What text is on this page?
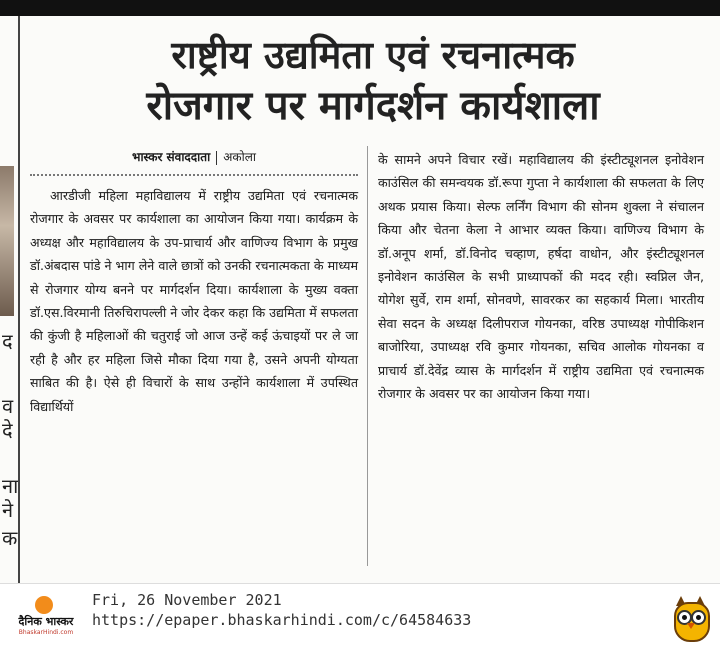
द
व
दे
ना
ने
क
राष्ट्रीय उद्यमिता एवं रचनात्मक
रोजगार पर मार्गदर्शन कार्यशाला
भास्कर संवाददाता अकोला

आरडीजी महिला महाविद्यालय में राष्ट्रीय उद्यमिता एवं रचनात्मक रोजगार के अवसर पर कार्यशाला का आयोजन किया गया। कार्यक्रम के अध्यक्ष और महाविद्यालय के उप-प्राचार्य और वाणिज्य विभाग के प्रमुख डॉ.अंबदास पांडे ने भाग लेने वाले छात्रों को उनकी रचनात्मकता के माध्यम से रोजगार योग्य बनने पर मार्गदर्शन दिया। कार्यशाला के मुख्य वक्ता डॉ.एस.विरमानी तिरुचिरापल्ली ने जोर देकर कहा कि उद्यमिता में सफलता की कुंजी है महिलाओं की चतुराई जो आज उन्हें कई ऊंचाइयों पर ले जा रही है और हर महिला जिसे मौका दिया गया है, उसने अपनी योग्यता साबित की है। ऐसे ही विचारों के साथ उन्होंने कार्यशाला में उपस्थित विद्यार्थियों

के सामने अपने विचार रखें। महाविद्यालय की इंस्टीट्यूशनल इनोवेशन काउंसिल की समन्वयक डॉ.रूपा गुप्ता ने कार्यशाला की सफलता के लिए अथक प्रयास किया। सेल्फ लर्निंग विभाग की सोनम शुक्ला ने संचालन किया और चेतना केला ने आभार व्यक्त किया। वाणिज्य विभाग के डॉ.अनूप शर्मा, डॉ.विनोद चव्हाण, हर्षदा वाधोन, और इंस्टीट्यूशनल इनोवेशन काउंसिल के सभी प्राध्यापकों की मदद रही। स्वप्निल जैन, योगेश सुर्वे, राम शर्मा, सोनवणे, सावरकर का सहकार्य मिला। भारतीय सेवा सदन के अध्यक्ष दिलीपराज गोयनका, वरिष्ठ उपाध्यक्ष गोपीकिशन बाजोरिया, उपाध्यक्ष रवि कुमार गोयनका, सचिव आलोक गोयनका व प्राचार्य डॉ.देवेंद्र व्यास के मार्गदर्शन में राष्ट्रीय उद्यमिता एवं रचनात्मक रोजगार के अवसर पर का आयोजन किया गया।

दैनिक भास्कर
BhaskarHindi.com
Fri, 26 November 2021
https://epaper.bhaskarhindi.com/c/64584633
